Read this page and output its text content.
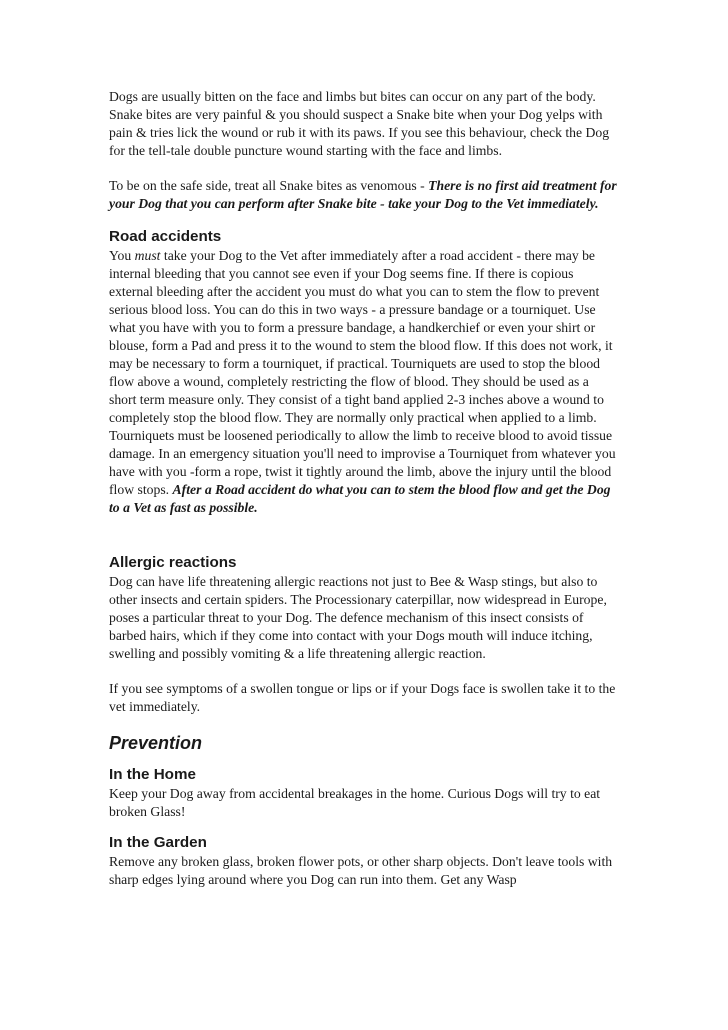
Dogs are usually bitten on the face and limbs but bites can occur on any part of the body. Snake bites are very painful & you should suspect a Snake bite when your Dog yelps with pain & tries lick the wound or rub it with its paws. If you see this behaviour, check the Dog for the tell-tale double puncture wound starting with the face and limbs.

To be on the safe side, treat all Snake bites as venomous - There is no first aid treatment for your Dog that you can perform after Snake bite - take your Dog to the Vet immediately.

Road accidents

You must take your Dog to the Vet after immediately after a road accident - there may be internal bleeding that you cannot see even if your Dog seems fine. If there is copious external bleeding after the accident you must do what you can to stem the flow to prevent serious blood loss. You can do this in two ways - a pressure bandage or a tourniquet. Use what you have with you to form a pressure bandage, a handkerchief or even your shirt or blouse, form a Pad and press it to the wound to stem the blood flow. If this does not work, it may be necessary to form a tourniquet, if practical. Tourniquets are used to stop the blood flow above a wound, completely restricting the flow of blood. They should be used as a short term measure only. They consist of a tight band applied 2-3 inches above a wound to completely stop the blood flow. They are normally only practical when applied to a limb. Tourniquets must be loosened periodically to allow the limb to receive blood to avoid tissue damage. In an emergency situation you'll need to improvise a Tourniquet from whatever you have with you -form a rope, twist it tightly around the limb, above the injury until the blood flow stops. After a Road accident do what you can to stem the blood flow and get the Dog to a Vet as fast as possible.

Allergic reactions

Dog can have life threatening allergic reactions not just to Bee & Wasp stings, but also to other insects and certain spiders. The Processionary caterpillar, now widespread in Europe, poses a particular threat to your Dog. The defence mechanism of this insect consists of barbed hairs, which if they come into contact with your Dogs mouth will induce itching, swelling and possibly vomiting & a life threatening allergic reaction.

If you see symptoms of a swollen tongue or lips or if your Dogs face is swollen take it to the vet immediately.

Prevention
In the Home

Keep your Dog away from accidental breakages in the home. Curious Dogs will try to eat broken Glass!

In the Garden

Remove any broken glass, broken flower pots, or other sharp objects. Don't leave tools with sharp edges lying around where you Dog can run into them. Get any Wasp
